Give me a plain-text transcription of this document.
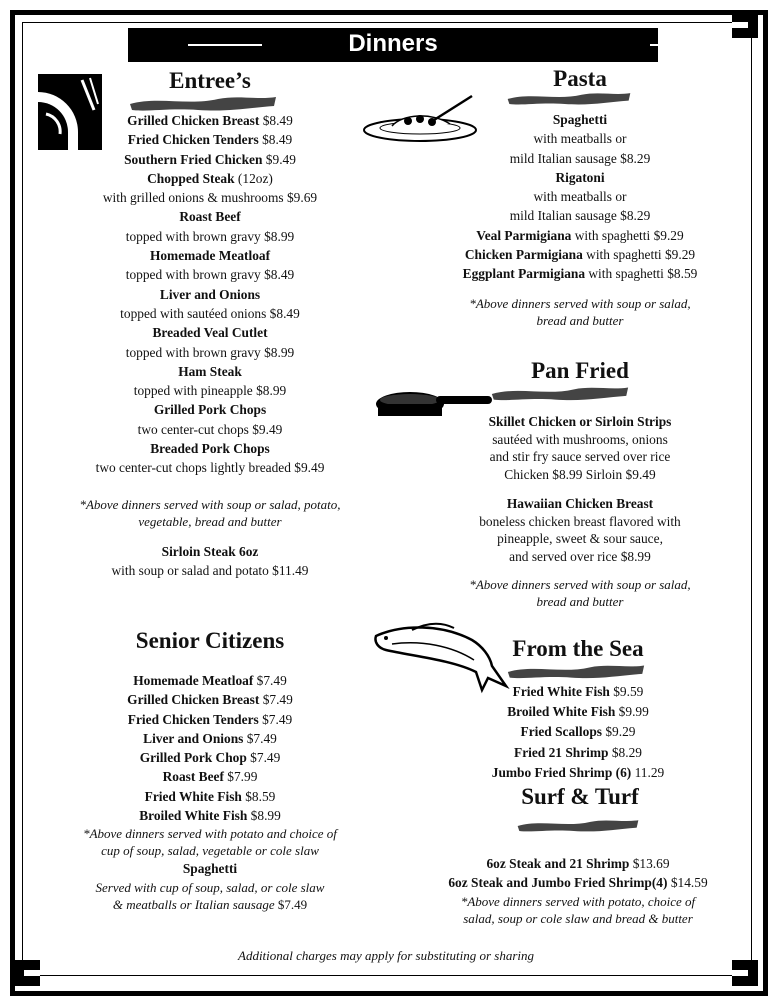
Dinners
Entree’s
Grilled Chicken Breast $8.49
Fried Chicken Tenders $8.49
Southern Fried Chicken $9.49
Chopped Steak (12oz)
with grilled onions & mushrooms $9.69
Roast Beef
topped with brown gravy $8.99
Homemade Meatloaf
topped with brown gravy $8.49
Liver and Onions
topped with sautéed onions $8.49
Breaded Veal Cutlet
topped with brown gravy $8.99
Ham Steak
topped with pineapple $8.99
Grilled Pork Chops
two center-cut chops $9.49
Breaded Pork Chops
two center-cut chops lightly breaded $9.49
*Above dinners served with soup or salad, potato,
vegetable, bread and butter
Sirloin Steak 6oz
with soup or salad and potato $11.49
Pasta
Spaghetti
with meatballs or
mild Italian sausage $8.29
Rigatoni
with meatballs or
mild Italian sausage $8.29
Veal Parmigiana with spaghetti $9.29
Chicken Parmigiana with spaghetti $9.29
Eggplant Parmigiana with spaghetti $8.59
*Above dinners served with soup or salad,
bread and butter
Pan Fried
Skillet Chicken or Sirloin Strips
sautéed with mushrooms, onions
and stir fry sauce served over rice
Chicken $8.99 Sirloin $9.49
Hawaiian Chicken Breast
boneless chicken breast flavored with
pineapple, sweet & sour sauce,
and served over rice $8.99
*Above dinners served with soup or salad,
bread and butter
Senior Citizens
Homemade Meatloaf $7.49
Grilled Chicken Breast $7.49
Fried Chicken Tenders $7.49
Liver and Onions $7.49
Grilled Pork Chop $7.49
Roast Beef $7.99
Fried White Fish $8.59
Broiled White Fish $8.99
*Above dinners served with potato and choice of
cup of soup, salad, vegetable or cole slaw
Spaghetti
Served with cup of soup, salad, or cole slaw
& meatballs or Italian sausage $7.49
From the Sea
Fried White Fish $9.59
Broiled White Fish $9.99
Fried Scallops $9.29
Fried 21 Shrimp $8.29
Jumbo Fried Shrimp (6) 11.29
Surf & Turf
6oz Steak and 21 Shrimp $13.69
6oz Steak and Jumbo Fried Shrimp(4) $14.59
*Above dinners served with potato, choice of
salad, soup or cole slaw and bread & butter
Additional charges may apply for substituting or sharing
